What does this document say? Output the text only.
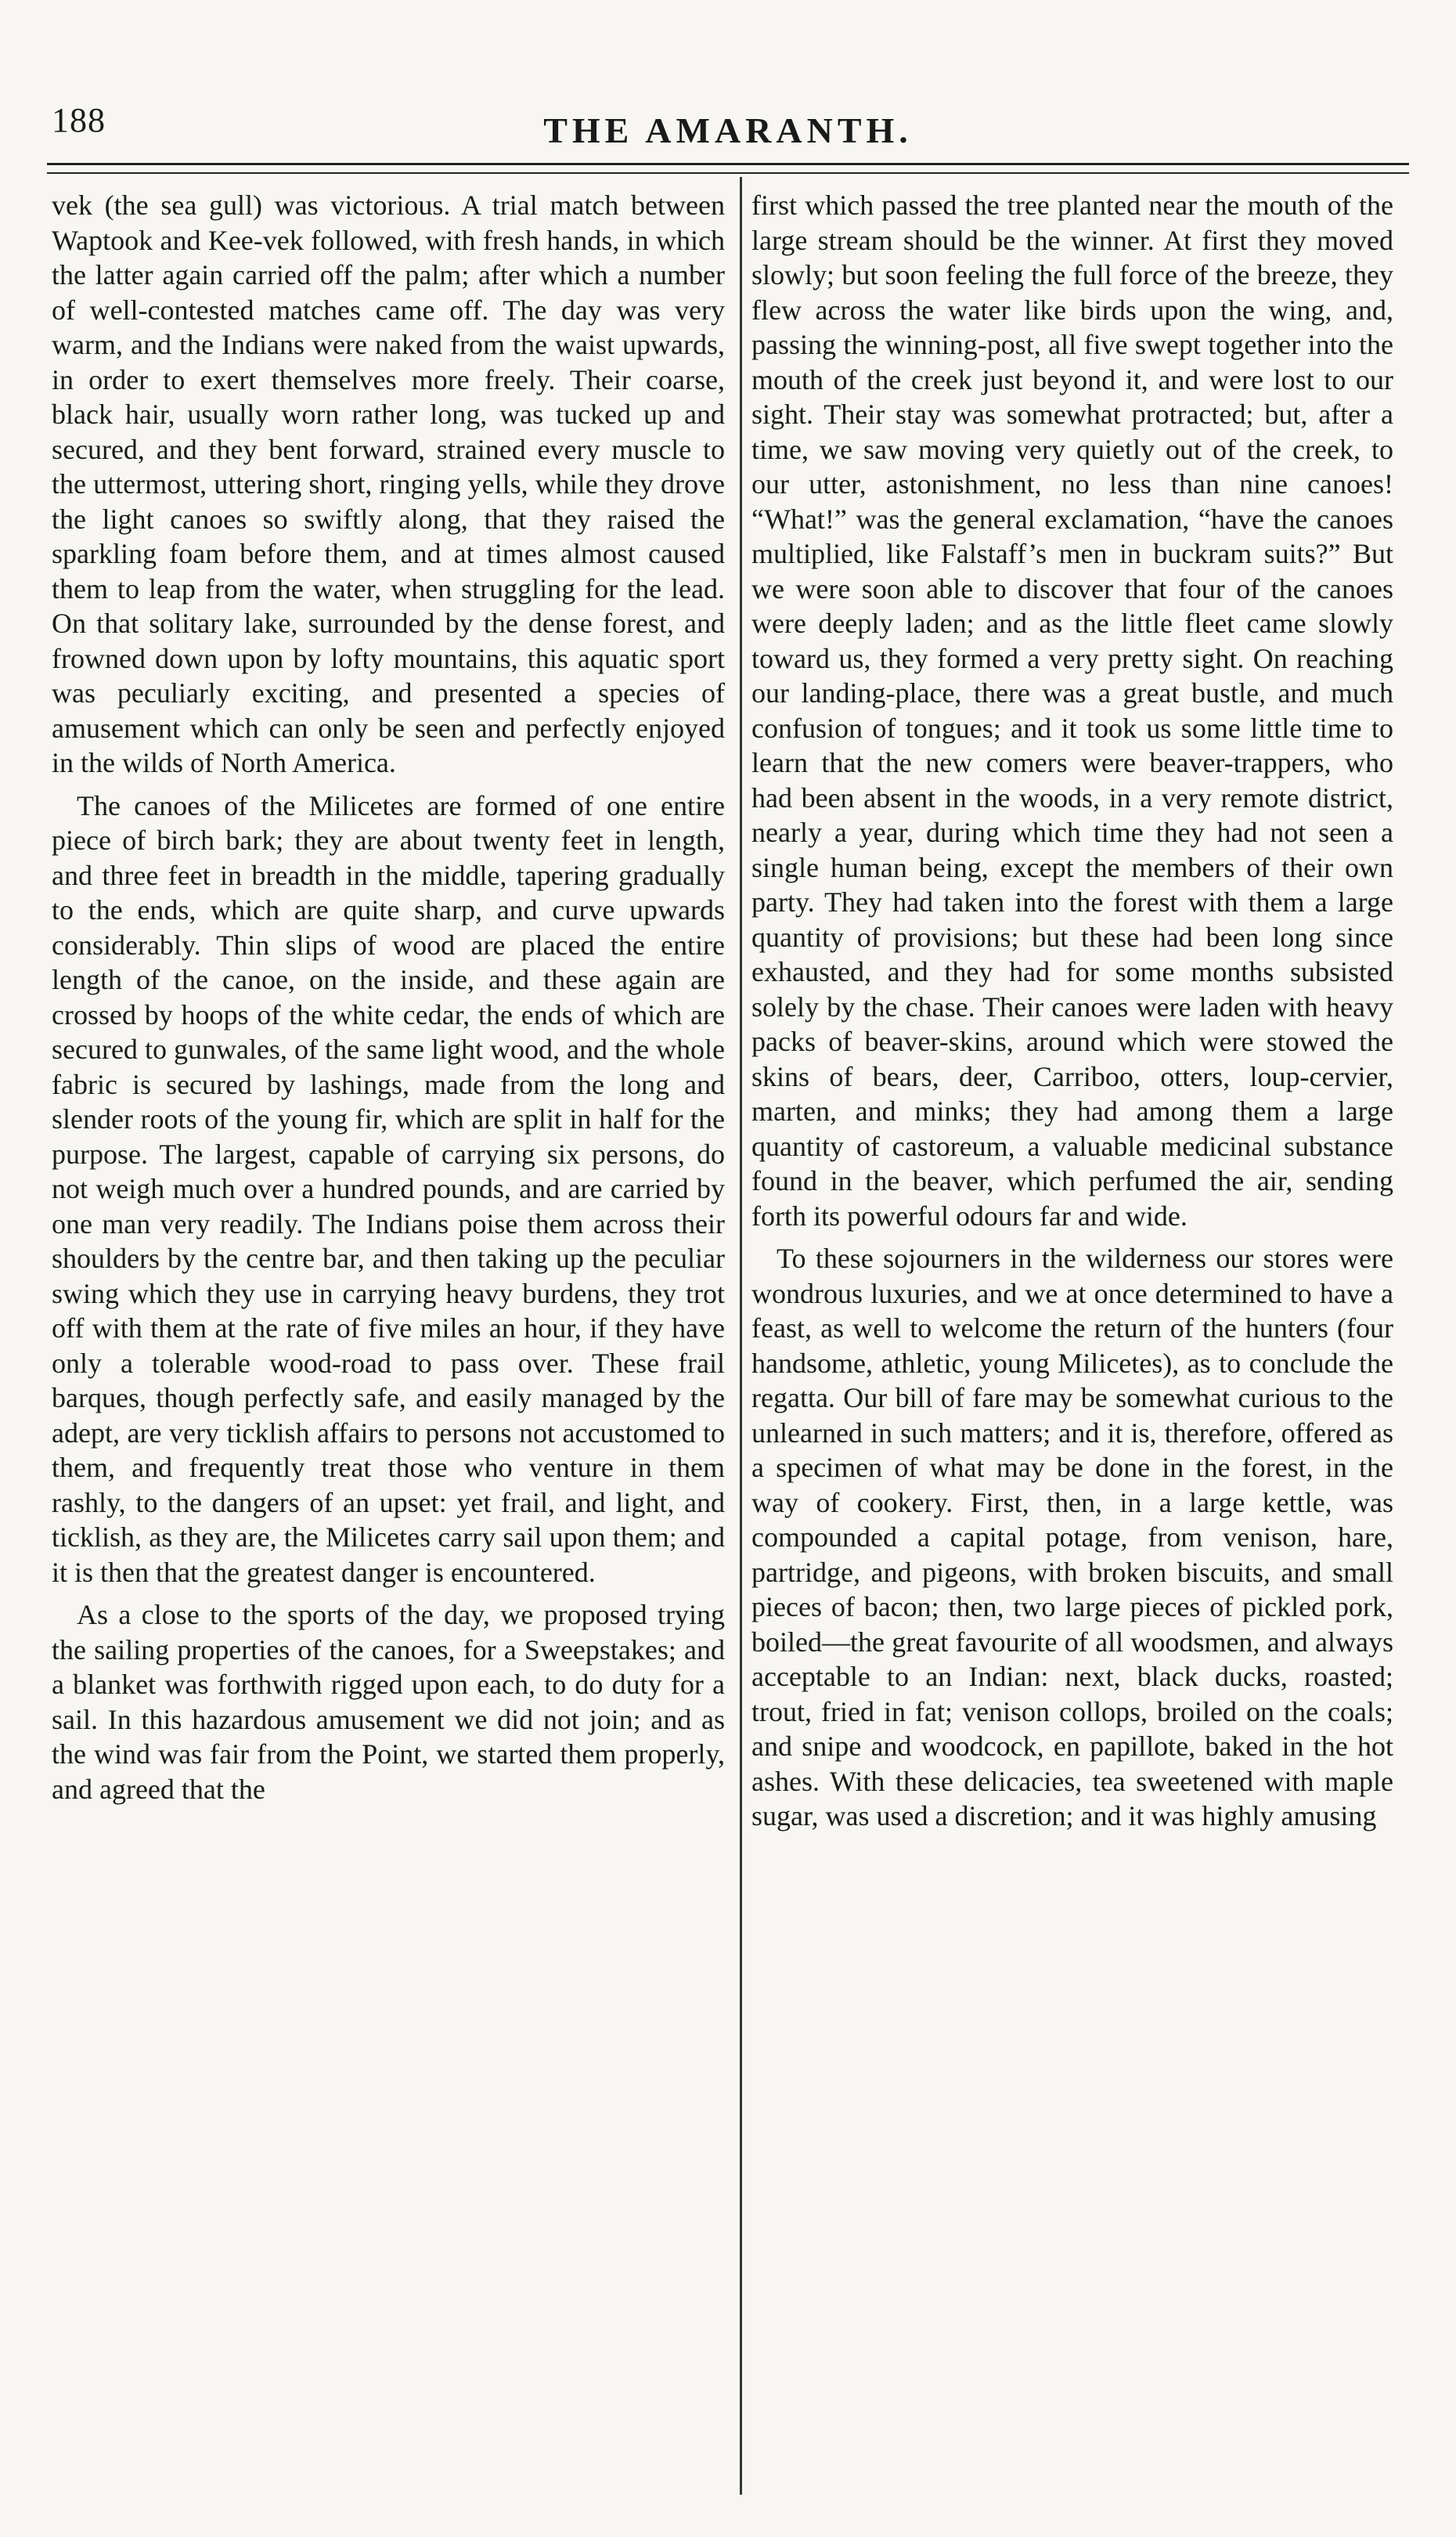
188	THE AMARANTH.

vek (the sea gull) was victorious. A trial match between Waptook and Kee-vek followed, with fresh hands, in which the latter again carried off the palm; after which a number of well-contested matches came off. The day was very warm, and the Indians were naked from the waist upwards, in order to exert themselves more freely. Their coarse, black hair, usually worn rather long, was tucked up and secured, and they bent forward, strained every muscle to the uttermost, uttering short, ringing yells, while they drove the light canoes so swiftly along, that they raised the sparkling foam before them, and at times almost caused them to leap from the water, when struggling for the lead. On that solitary lake, surrounded by the dense forest, and frowned down upon by lofty mountains, this aquatic sport was peculiarly exciting, and presented a species of amusement which can only be seen and perfectly enjoyed in the wilds of North America.

The canoes of the Milicetes are formed of one entire piece of birch bark; they are about twenty feet in length, and three feet in breadth in the middle, tapering gradually to the ends, which are quite sharp, and curve upwards considerably. Thin slips of wood are placed the entire length of the canoe, on the inside, and these again are crossed by hoops of the white cedar, the ends of which are secured to gunwales, of the same light wood, and the whole fabric is secured by lashings, made from the long and slender roots of the young fir, which are split in half for the purpose. The largest, capable of carrying six persons, do not weigh much over a hundred pounds, and are carried by one man very readily. The Indians poise them across their shoulders by the centre bar, and then taking up the peculiar swing which they use in carrying heavy burdens, they trot off with them at the rate of five miles an hour, if they have only a tolerable wood-road to pass over. These frail barques, though perfectly safe, and easily managed by the adept, are very ticklish affairs to persons not accustomed to them, and frequently treat those who venture in them rashly, to the dangers of an upset: yet frail, and light, and ticklish, as they are, the Milicetes carry sail upon them; and it is then that the greatest danger is encountered.

As a close to the sports of the day, we proposed trying the sailing properties of the canoes, for a Sweepstakes; and a blanket was forthwith rigged upon each, to do duty for a sail. In this hazardous amusement we did not join; and as the wind was fair from the Point, we started them properly, and agreed that the

first which passed the tree planted near the mouth of the large stream should be the winner. At first they moved slowly; but soon feeling the full force of the breeze, they flew across the water like birds upon the wing, and, passing the winning-post, all five swept together into the mouth of the creek just beyond it, and were lost to our sight. Their stay was somewhat protracted; but, after a time, we saw moving very quietly out of the creek, to our utter, astonishment, no less than nine canoes! “What!” was the general exclamation, “have the canoes multiplied, like Falstaff’s men in buckram suits?” But we were soon able to discover that four of the canoes were deeply laden; and as the little fleet came slowly toward us, they formed a very pretty sight. On reaching our landing-place, there was a great bustle, and much confusion of tongues; and it took us some little time to learn that the new comers were beaver-trappers, who had been absent in the woods, in a very remote district, nearly a year, during which time they had not seen a single human being, except the members of their own party. They had taken into the forest with them a large quantity of provisions; but these had been long since exhausted, and they had for some months subsisted solely by the chase. Their canoes were laden with heavy packs of beaver-skins, around which were stowed the skins of bears, deer, Carriboo, otters, loup-cervier, marten, and minks; they had among them a large quantity of castoreum, a valuable medicinal substance found in the beaver, which perfumed the air, sending forth its powerful odours far and wide.

To these sojourners in the wilderness our stores were wondrous luxuries, and we at once determined to have a feast, as well to welcome the return of the hunters (four handsome, athletic, young Milicetes), as to conclude the regatta. Our bill of fare may be somewhat curious to the unlearned in such matters; and it is, therefore, offered as a specimen of what may be done in the forest, in the way of cookery. First, then, in a large kettle, was compounded a capital potage, from venison, hare, partridge, and pigeons, with broken biscuits, and small pieces of bacon; then, two large pieces of pickled pork, boiled—the great favourite of all woodsmen, and always acceptable to an Indian: next, black ducks, roasted; trout, fried in fat; venison collops, broiled on the coals; and snipe and woodcock, en papillote, baked in the hot ashes. With these delicacies, tea sweetened with maple sugar, was used a discretion; and it was highly amusing
